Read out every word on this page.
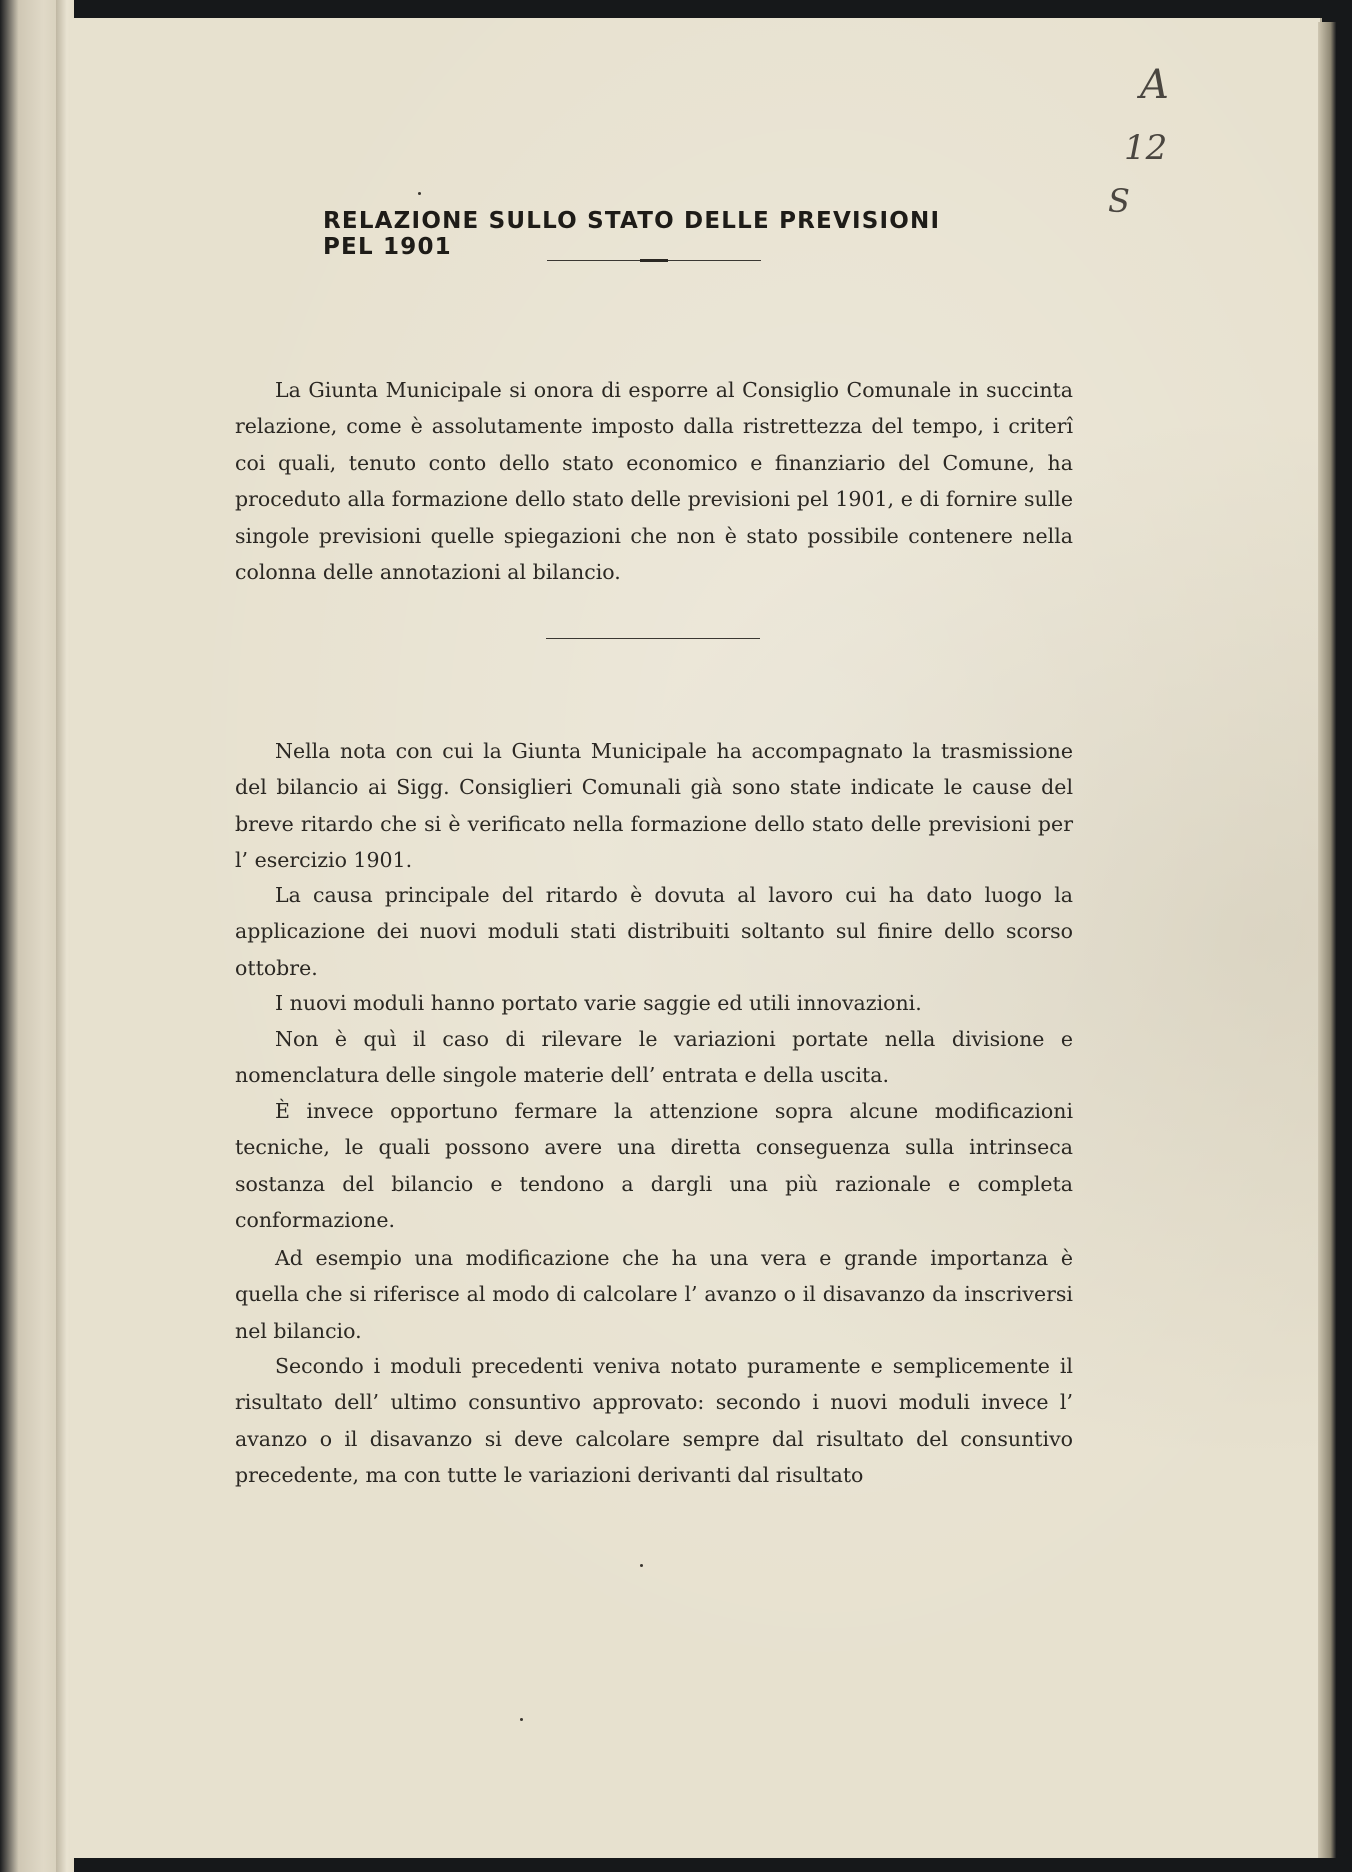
A

12

S

RELAZIONE SULLO STATO DELLE PREVISIONI PEL 1901

La Giunta Municipale si onora di esporre al Consiglio Comunale in succinta relazione, come è assolutamente imposto dalla ristrettezza del tempo, i criterî coi quali, tenuto conto dello stato economico e finanziario del Comune, ha proceduto alla formazione dello stato delle previsioni pel 1901, e di fornire sulle singole previsioni quelle spiegazioni che non è stato possibile contenere nella colonna delle annotazioni al bilancio.

Nella nota con cui la Giunta Municipale ha accompagnato la trasmissione del bilancio ai Sigg. Consiglieri Comunali già sono state indicate le cause del breve ritardo che si è verificato nella formazione dello stato delle previsioni per l’ esercizio 1901.

La causa principale del ritardo è dovuta al lavoro cui ha dato luogo la applicazione dei nuovi moduli stati distribuiti soltanto sul finire dello scorso ottobre.

I nuovi moduli hanno portato varie saggie ed utili innovazioni.

Non è quì il caso di rilevare le variazioni portate nella divisione e nomenclatura delle singole materie dell’ entrata e della uscita.

È invece opportuno fermare la attenzione sopra alcune modificazioni tecniche, le quali possono avere una diretta conseguenza sulla intrinseca sostanza del bilancio e tendono a dargli una più razionale e completa conformazione.

Ad esempio una modificazione che ha una vera e grande importanza è quella che si riferisce al modo di calcolare l’ avanzo o il disavanzo da inscriversi nel bilancio.

Secondo i moduli precedenti veniva notato puramente e semplicemente il risultato dell’ ultimo consuntivo approvato: secondo i nuovi moduli invece l’ avanzo o il disavanzo si deve calcolare sempre dal risultato del consuntivo precedente, ma con tutte le variazioni derivanti dal risultato
